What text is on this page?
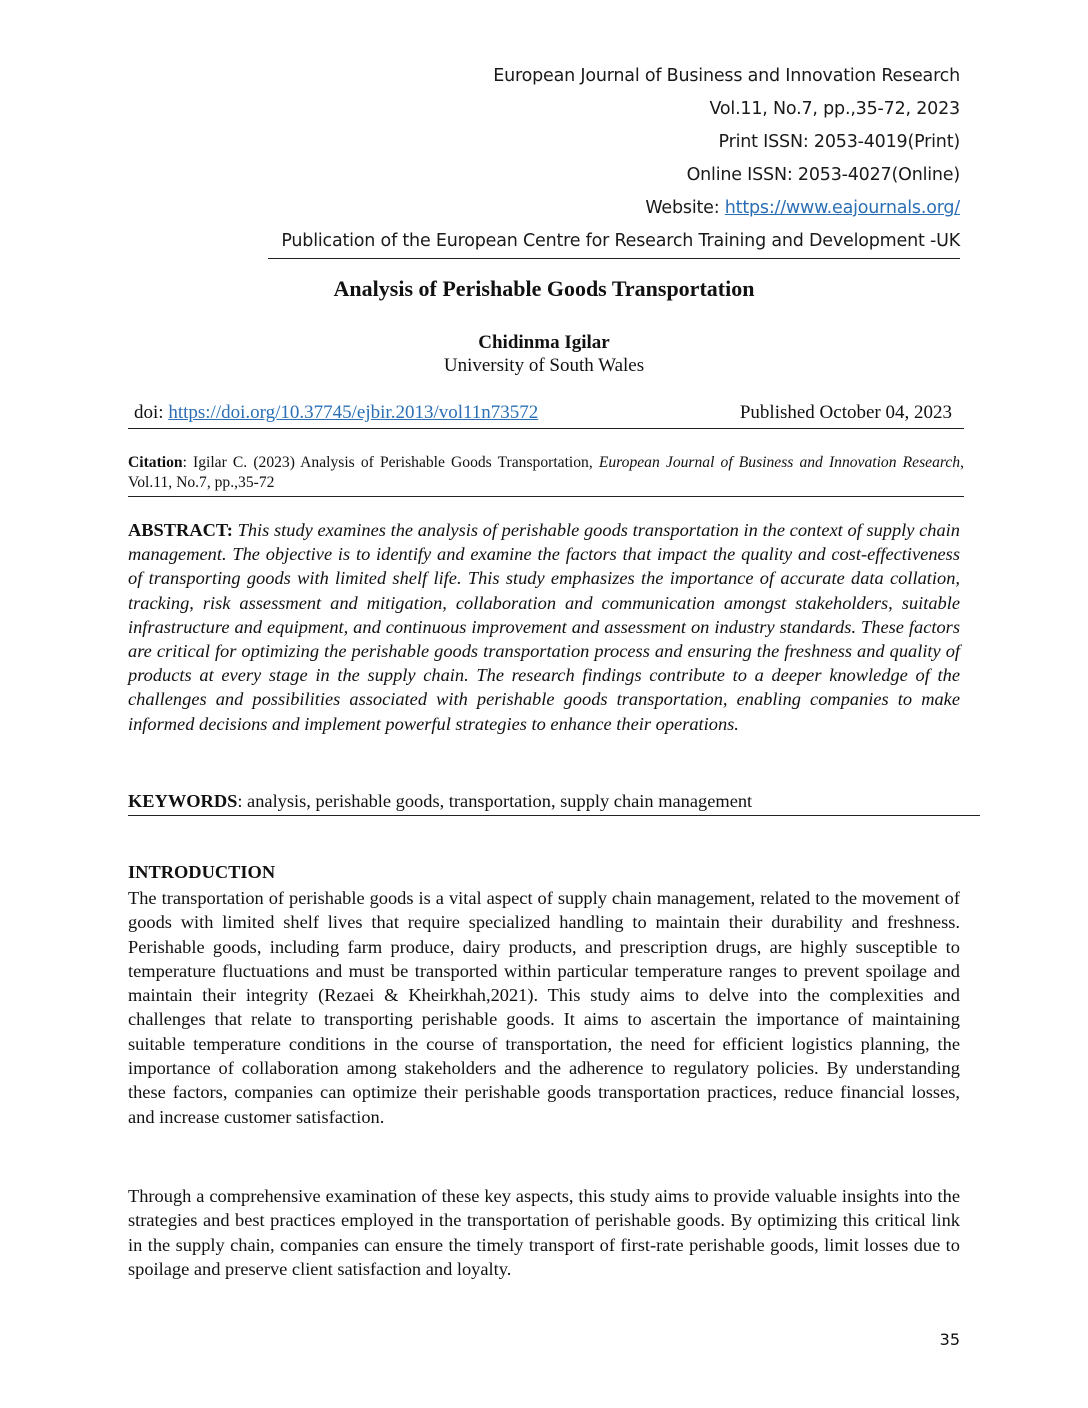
European Journal of Business and Innovation Research
Vol.11, No.7, pp.,35-72, 2023
Print ISSN: 2053-4019(Print)
Online ISSN: 2053-4027(Online)
Website: https://www.eajournals.org/
Publication of the European Centre for Research Training and Development -UK
Analysis of Perishable Goods Transportation
Chidinma Igilar
University of South Wales
doi: https://doi.org/10.37745/ejbir.2013/vol11n73572	Published October 04, 2023
Citation: Igilar C. (2023) Analysis of Perishable Goods Transportation, European Journal of Business and Innovation Research, Vol.11, No.7, pp.,35-72
ABSTRACT: This study examines the analysis of perishable goods transportation in the context of supply chain management. The objective is to identify and examine the factors that impact the quality and cost-effectiveness of transporting goods with limited shelf life. This study emphasizes the importance of accurate data collation, tracking, risk assessment and mitigation, collaboration and communication amongst stakeholders, suitable infrastructure and equipment, and continuous improvement and assessment on industry standards. These factors are critical for optimizing the perishable goods transportation process and ensuring the freshness and quality of products at every stage in the supply chain. The research findings contribute to a deeper knowledge of the challenges and possibilities associated with perishable goods transportation, enabling companies to make informed decisions and implement powerful strategies to enhance their operations.
KEYWORDS: analysis, perishable goods, transportation, supply chain management
INTRODUCTION
The transportation of perishable goods is a vital aspect of supply chain management, related to the movement of goods with limited shelf lives that require specialized handling to maintain their durability and freshness. Perishable goods, including farm produce, dairy products, and prescription drugs, are highly susceptible to temperature fluctuations and must be transported within particular temperature ranges to prevent spoilage and maintain their integrity (Rezaei & Kheirkhah,2021). This study aims to delve into the complexities and challenges that relate to transporting perishable goods. It aims to ascertain the importance of maintaining suitable temperature conditions in the course of transportation, the need for efficient logistics planning, the importance of collaboration among stakeholders and the adherence to regulatory policies. By understanding these factors, companies can optimize their perishable goods transportation practices, reduce financial losses, and increase customer satisfaction.
Through a comprehensive examination of these key aspects, this study aims to provide valuable insights into the strategies and best practices employed in the transportation of perishable goods. By optimizing this critical link in the supply chain, companies can ensure the timely transport of first-rate perishable goods, limit losses due to spoilage and preserve client satisfaction and loyalty.
35
